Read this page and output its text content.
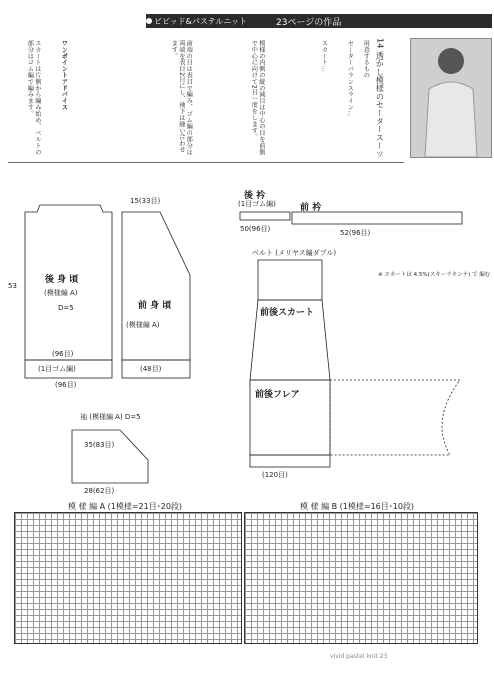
ビビッド&パステルニット	23ページの作品
14 透かし模様のセータースーツ
用意するもの
セーターバランスライン…
スカート…
ワンポイントアドバイス	模様の内側の縦の減目は中心の目を前側で中心に向けて2目一度をします。
前端の目は表目で編み、ゴム編の部分は両端を表目2目にし、袖下は縫い合わせます。
スカートは片側から編み始め、ベルトの部分はゴム編で編みます。
後 身 頃
(模様編 A)
D=5
(96目)
(1目ゴム編)
(96目)
53
前 身 頃
(模様編 A)
15(33目)
(48目)
袖 (模様編 A) D=5
35(83目)
28(62目)
後 衿
(1目ゴム編)
50(96目)
前 衿
52(96目)
ベルト (メリヤス編ダブル)
前後スカート
※ スカートは 4.5%(スキーラキンテ) で 編む
前後フレア
(120目)
模 様 編 A (1模様=21目･20段)	模 様 編 B (1模様=16目･10段)
vivid pastel knit 23
